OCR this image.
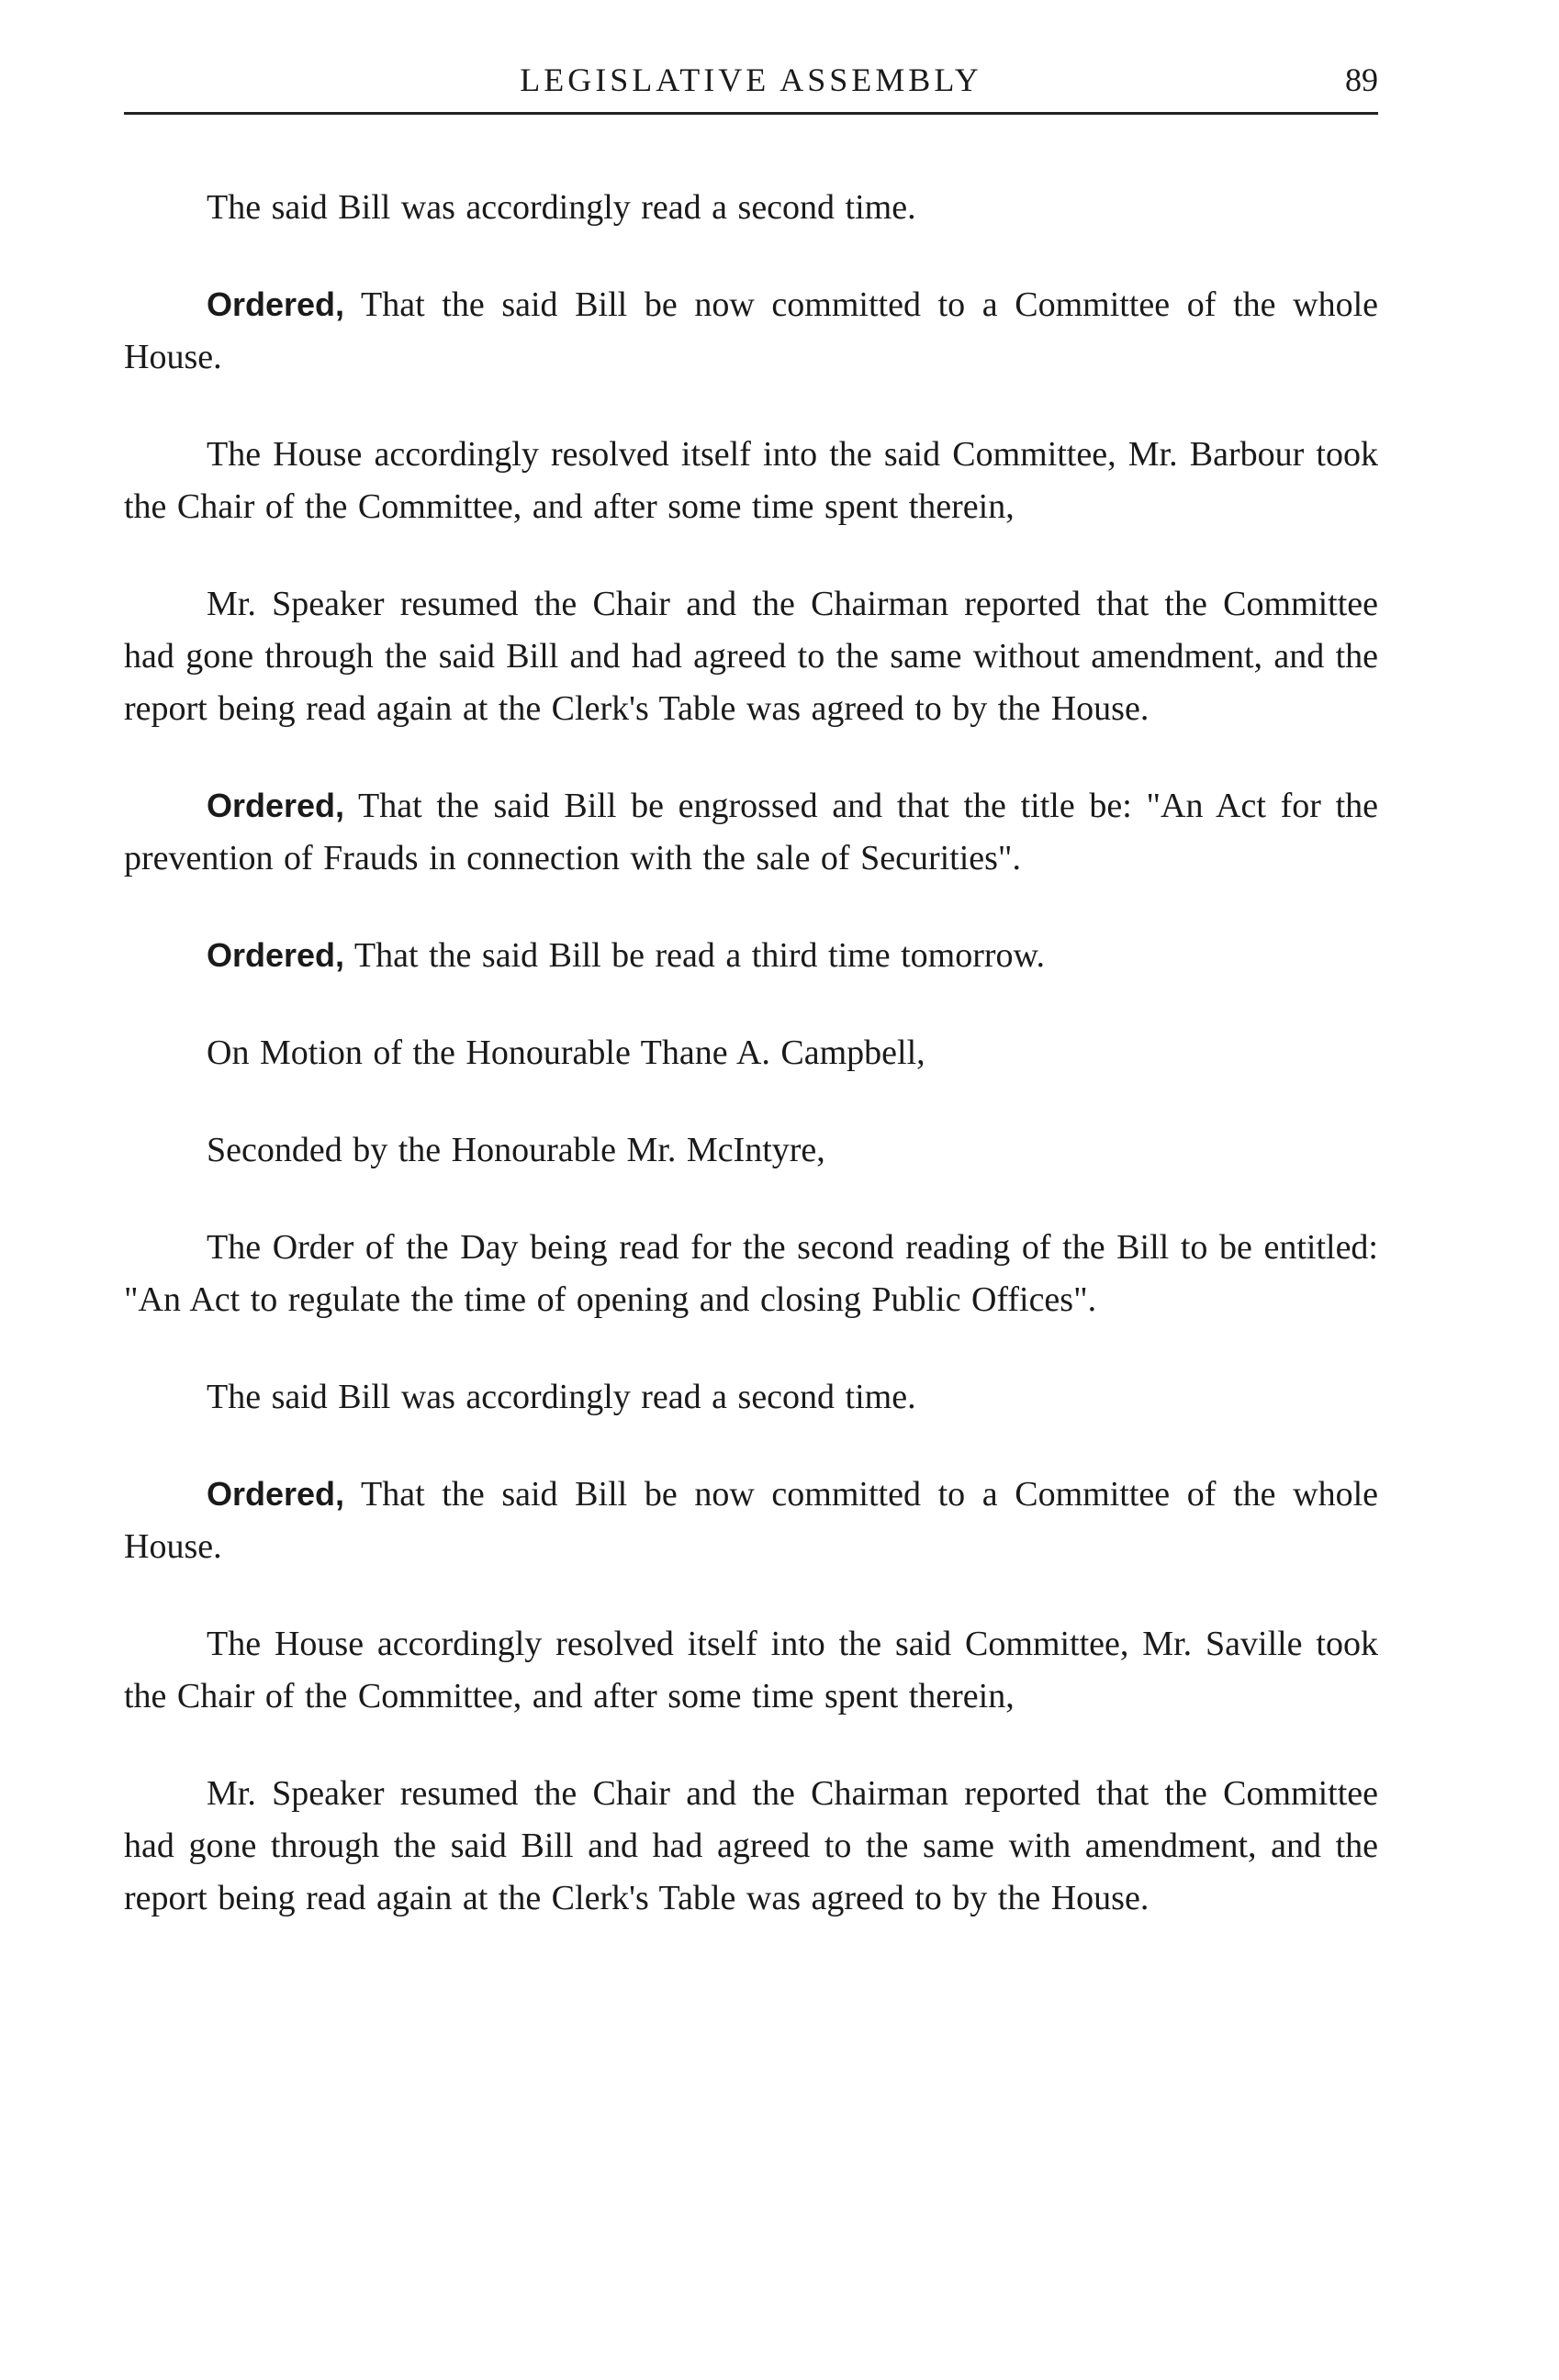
LEGISLATIVE ASSEMBLY	89

The said Bill was accordingly read a second time.

Ordered, That the said Bill be now committed to a Committee of the whole House.

The House accordingly resolved itself into the said Committee, Mr. Barbour took the Chair of the Committee, and after some time spent therein,

Mr. Speaker resumed the Chair and the Chairman reported that the Committee had gone through the said Bill and had agreed to the same without amendment, and the report being read again at the Clerk's Table was agreed to by the House.

Ordered, That the said Bill be engrossed and that the title be: "An Act for the prevention of Frauds in connection with the sale of Securities".

Ordered, That the said Bill be read a third time tomorrow.

On Motion of the Honourable Thane A. Campbell,

Seconded by the Honourable Mr. McIntyre,

The Order of the Day being read for the second reading of the Bill to be entitled: "An Act to regulate the time of opening and closing Public Offices".

The said Bill was accordingly read a second time.

Ordered, That the said Bill be now committed to a Committee of the whole House.

The House accordingly resolved itself into the said Committee, Mr. Saville took the Chair of the Committee, and after some time spent therein,

Mr. Speaker resumed the Chair and the Chairman reported that the Committee had gone through the said Bill and had agreed to the same with amendment, and the report being read again at the Clerk's Table was agreed to by the House.
